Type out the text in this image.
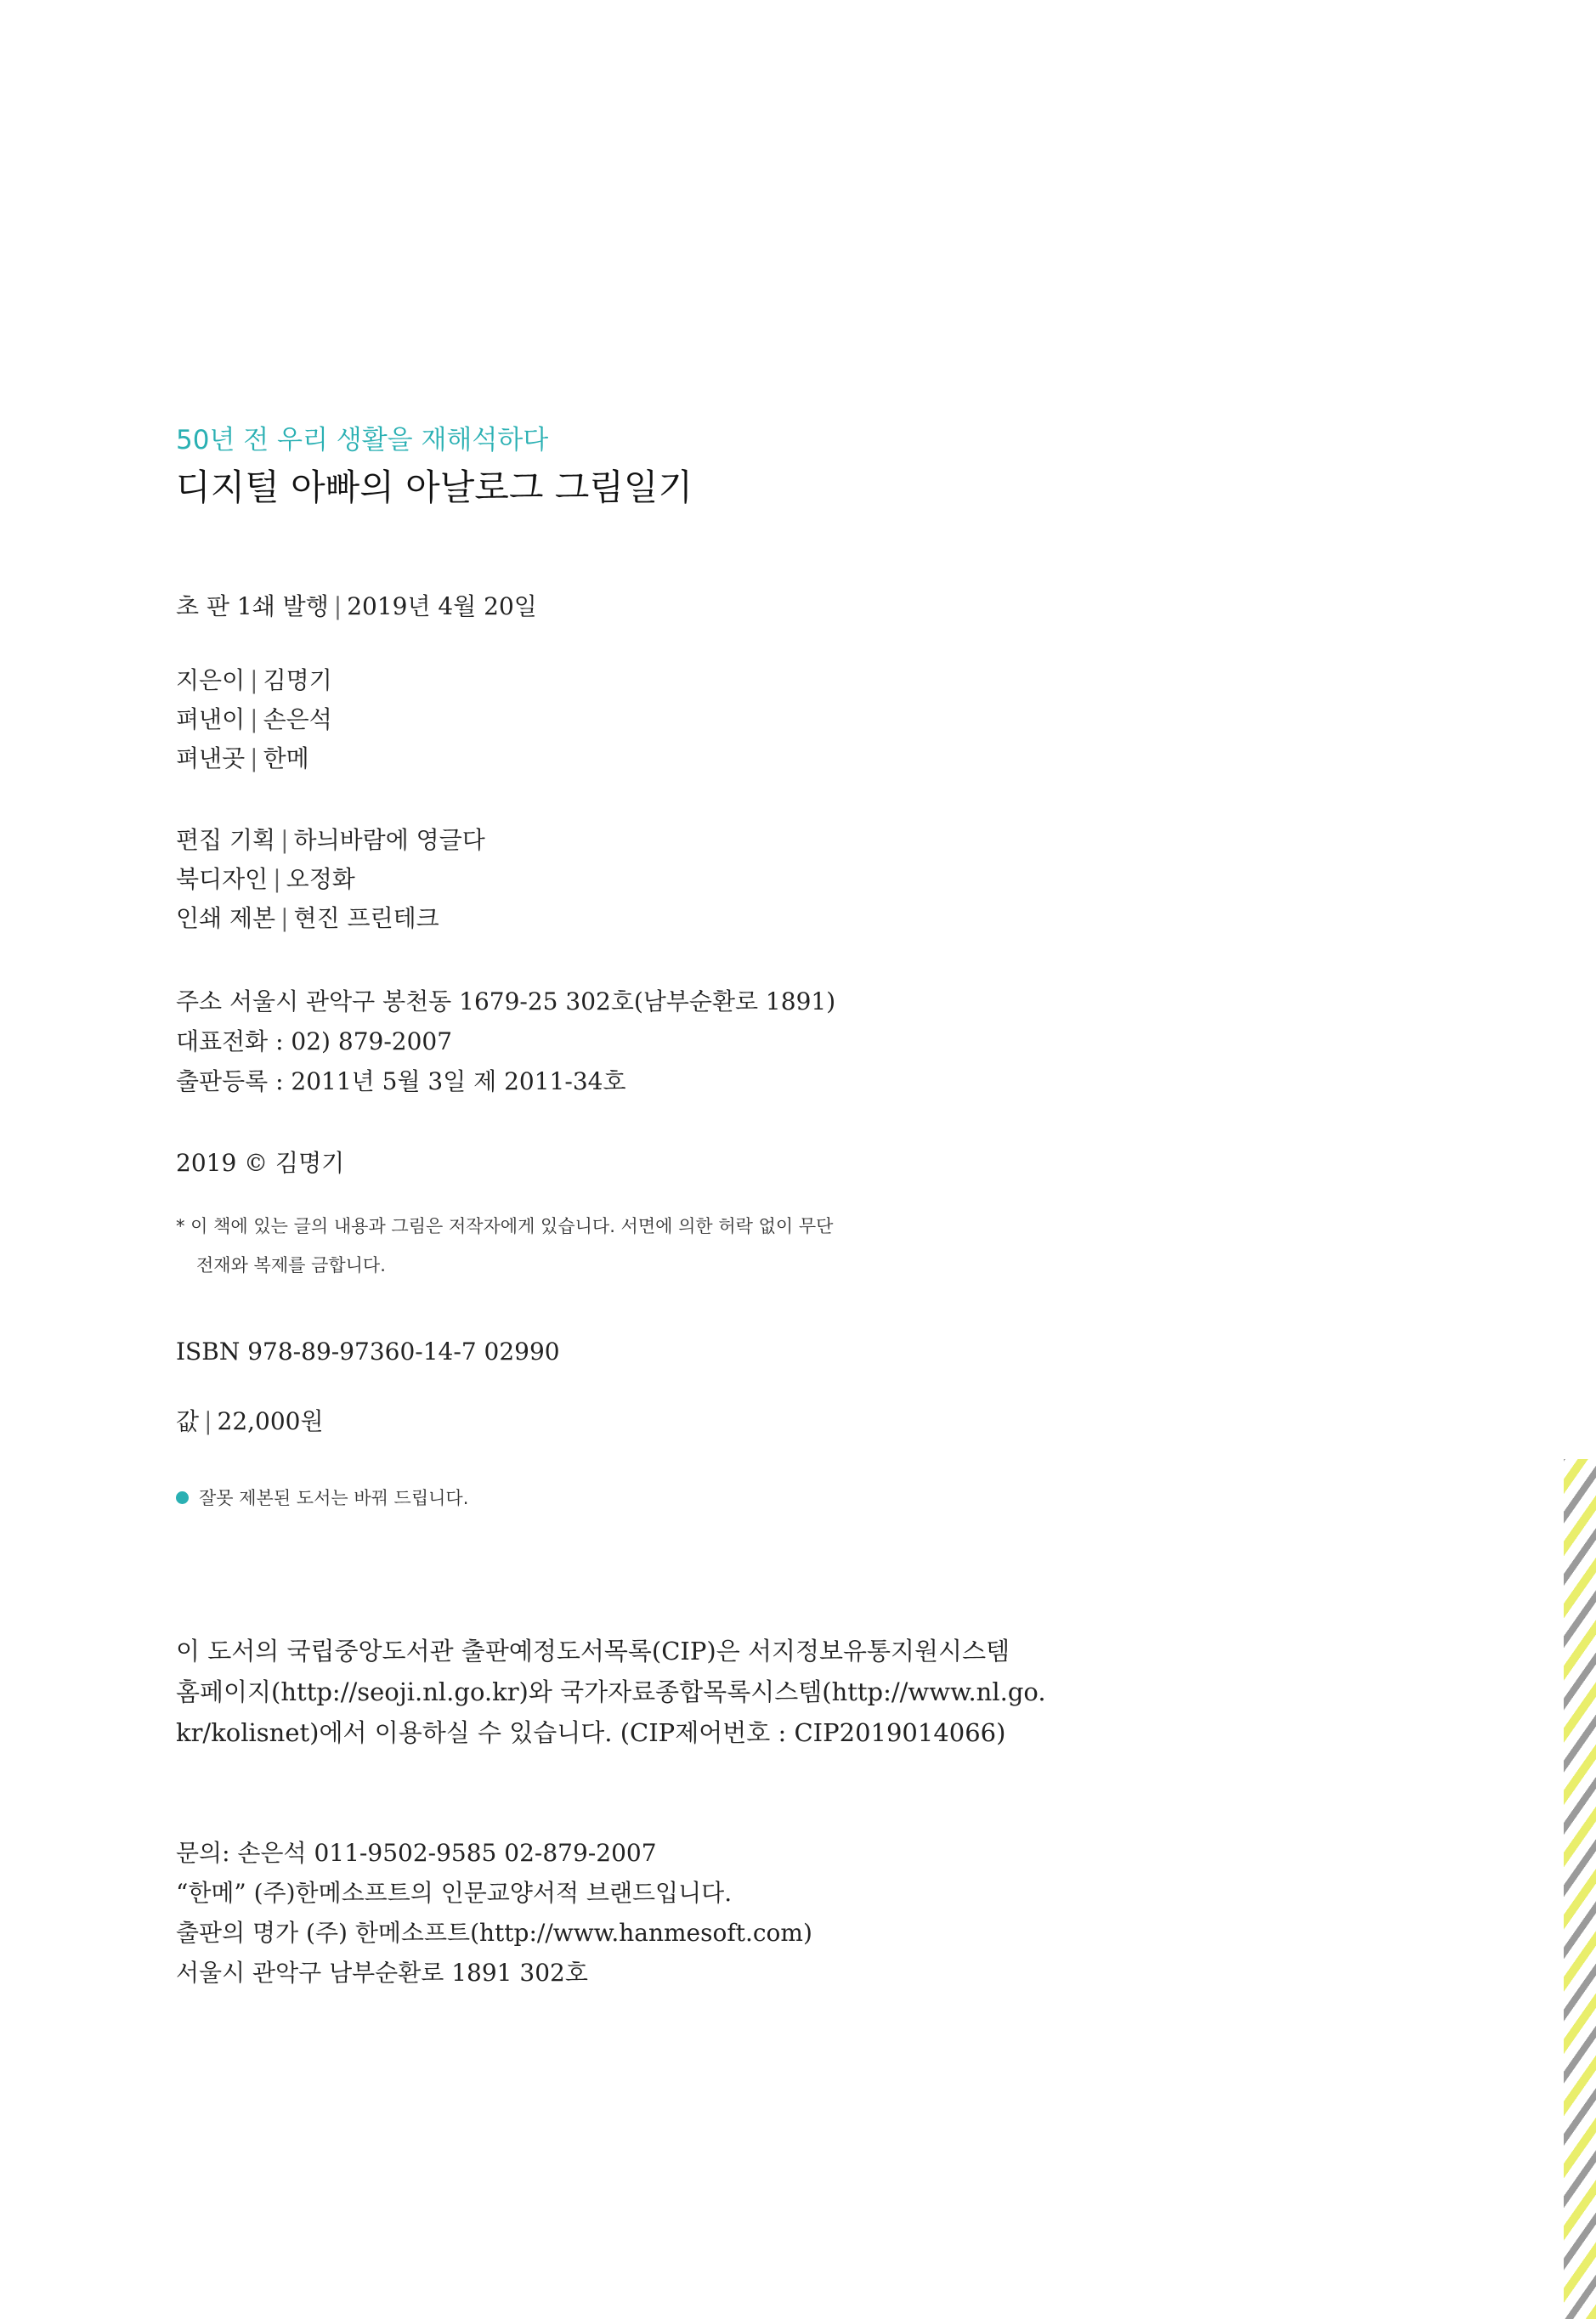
50년 전 우리 생활을 재해석하다
디지털 아빠의 아날로그 그림일기
초 판 1쇄 발행 | 2019년 4월 20일
지은이 | 김명기
펴낸이 | 손은석
펴낸곳 | 한메
편집 기획 | 하늬바람에 영글다
북디자인 | 오정화
인쇄 제본 | 현진 프린테크
주소 서울시 관악구 봉천동 1679-25 302호(남부순환로 1891)
대표전화 : 02) 879-2007
출판등록 : 2011년 5월 3일 제 2011-34호
2019 © 김명기
* 이 책에 있는 글의 내용과 그림은 저작자에게 있습니다. 서면에 의한 허락 없이 무단
전재와 복제를 금합니다.
ISBN 978-89-97360-14-7 02990
값 | 22,000원
잘못 제본된 도서는 바꿔 드립니다.
이 도서의 국립중앙도서관 출판예정도서목록(CIP)은 서지정보유통지원시스템
홈페이지(http://seoji.nl.go.kr)와 국가자료종합목록시스템(http://www.nl.go.
kr/kolisnet)에서 이용하실 수 있습니다. (CIP제어번호 : CIP2019014066)
문의: 손은석 011-9502-9585 02-879-2007
“한메” (주)한메소프트의 인문교양서적 브랜드입니다.
출판의 명가 (주) 한메소프트(http://www.hanmesoft.com)
서울시 관악구 남부순환로 1891 302호
